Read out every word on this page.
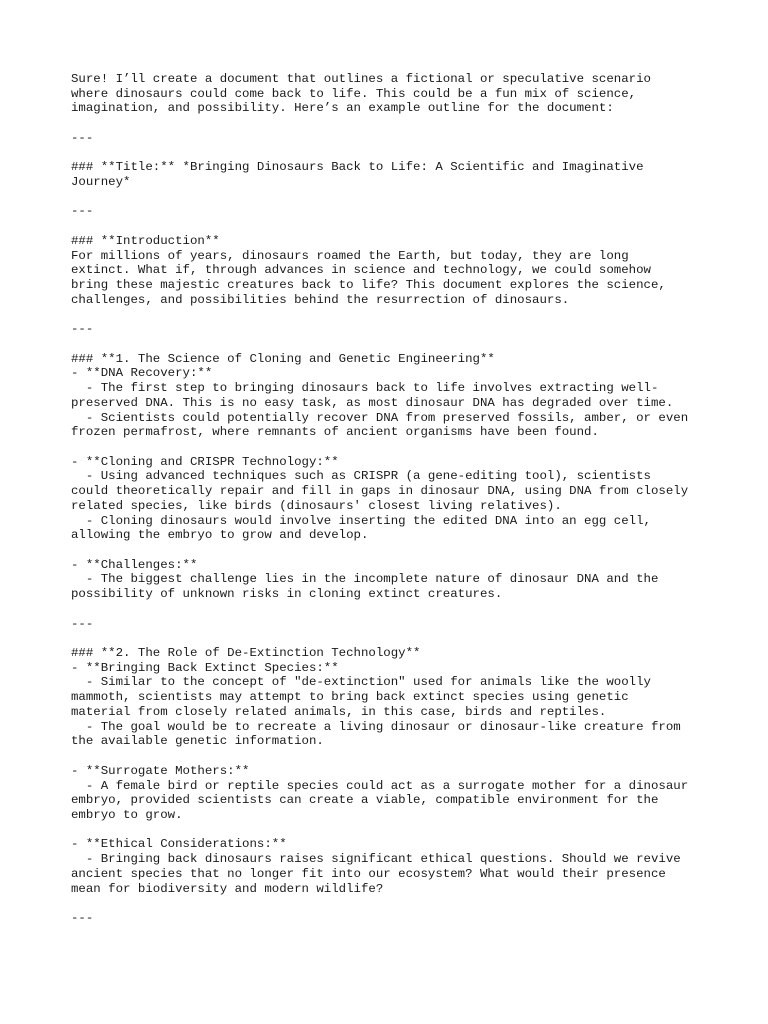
Sure! I’ll create a document that outlines a fictional or speculative scenario
where dinosaurs could come back to life. This could be a fun mix of science,
imagination, and possibility. Here’s an example outline for the document:
---
### **Title:** *Bringing Dinosaurs Back to Life: A Scientific and Imaginative
Journey*
---
### **Introduction**
For millions of years, dinosaurs roamed the Earth, but today, they are long
extinct. What if, through advances in science and technology, we could somehow
bring these majestic creatures back to life? This document explores the science,
challenges, and possibilities behind the resurrection of dinosaurs.
---
### **1. The Science of Cloning and Genetic Engineering**
- **DNA Recovery:**
- The first step to bringing dinosaurs back to life involves extracting well-
preserved DNA. This is no easy task, as most dinosaur DNA has degraded over time.
- Scientists could potentially recover DNA from preserved fossils, amber, or even
frozen permafrost, where remnants of ancient organisms have been found.
- **Cloning and CRISPR Technology:**
- Using advanced techniques such as CRISPR (a gene-editing tool), scientists
could theoretically repair and fill in gaps in dinosaur DNA, using DNA from closely
related species, like birds (dinosaurs' closest living relatives).
- Cloning dinosaurs would involve inserting the edited DNA into an egg cell,
allowing the embryo to grow and develop.
- **Challenges:**
- The biggest challenge lies in the incomplete nature of dinosaur DNA and the
possibility of unknown risks in cloning extinct creatures.
---
### **2. The Role of De-Extinction Technology**
- **Bringing Back Extinct Species:**
- Similar to the concept of "de-extinction" used for animals like the woolly
mammoth, scientists may attempt to bring back extinct species using genetic
material from closely related animals, in this case, birds and reptiles.
- The goal would be to recreate a living dinosaur or dinosaur-like creature from
the available genetic information.
- **Surrogate Mothers:**
- A female bird or reptile species could act as a surrogate mother for a dinosaur
embryo, provided scientists can create a viable, compatible environment for the
embryo to grow.
- **Ethical Considerations:**
- Bringing back dinosaurs raises significant ethical questions. Should we revive
ancient species that no longer fit into our ecosystem? What would their presence
mean for biodiversity and modern wildlife?
---
